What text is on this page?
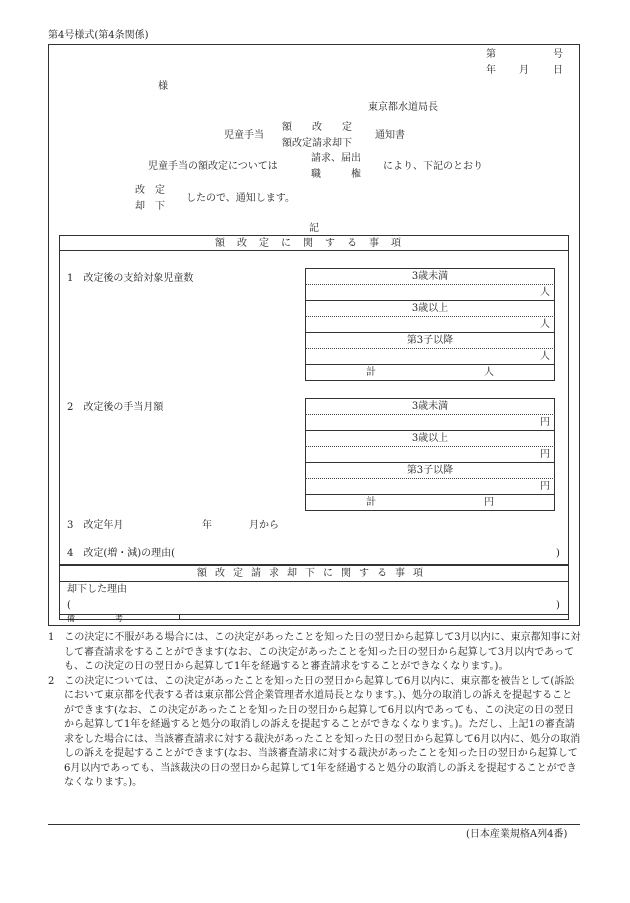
第4号様式(第4条関係)
第	号
年 月 日
様
東京都水道局長
児童手当
額　　改　　定
額改定請求却下
通知書
児童手当の額改定については
請求、届出
職　　　権
により、下記のとおり
改　定
却　下
したので、通知します。
記
額改定に関する事項
1　改定後の支給対象児童数	3歳未満
人
3歳以上
人
第3子以降
人
計	人
2　改定後の手当月額	3歳未満
円
3歳以上
円
第3子以降
円
計	円
3　改定年月	年	月から
4　改定(増・減)の理由(	)
額改定請求却下に関する事項
却下した理由
(	)
備　　　　　考
1　この決定に不服がある場合には、この決定があったことを知った日の翌日から起算して3月以内に、東京都知事に対して審査請求をすることができます(なお、この決定があったことを知った日の翌日から起算して3月以内であっても、この決定の日の翌日から起算して1年を経過すると審査請求をすることができなくなります。)。
2　この決定については、この決定があったことを知った日の翌日から起算して6月以内に、東京都を被告として(訴訟において東京都を代表する者は東京都公営企業管理者水道局長となります。)、処分の取消しの訴えを提起することができます(なお、この決定があったことを知った日の翌日から起算して6月以内であっても、この決定の日の翌日から起算して1年を経過すると処分の取消しの訴えを提起することができなくなります。)。ただし、上記1の審査請求をした場合には、当該審査請求に対する裁決があったことを知った日の翌日から起算して6月以内に、処分の取消しの訴えを提起することができます(なお、当該審査請求に対する裁決があったことを知った日の翌日から起算して6月以内であっても、当該裁決の日の翌日から起算して1年を経過すると処分の取消しの訴えを提起することができなくなります。)。
(日本産業規格A列4番)
